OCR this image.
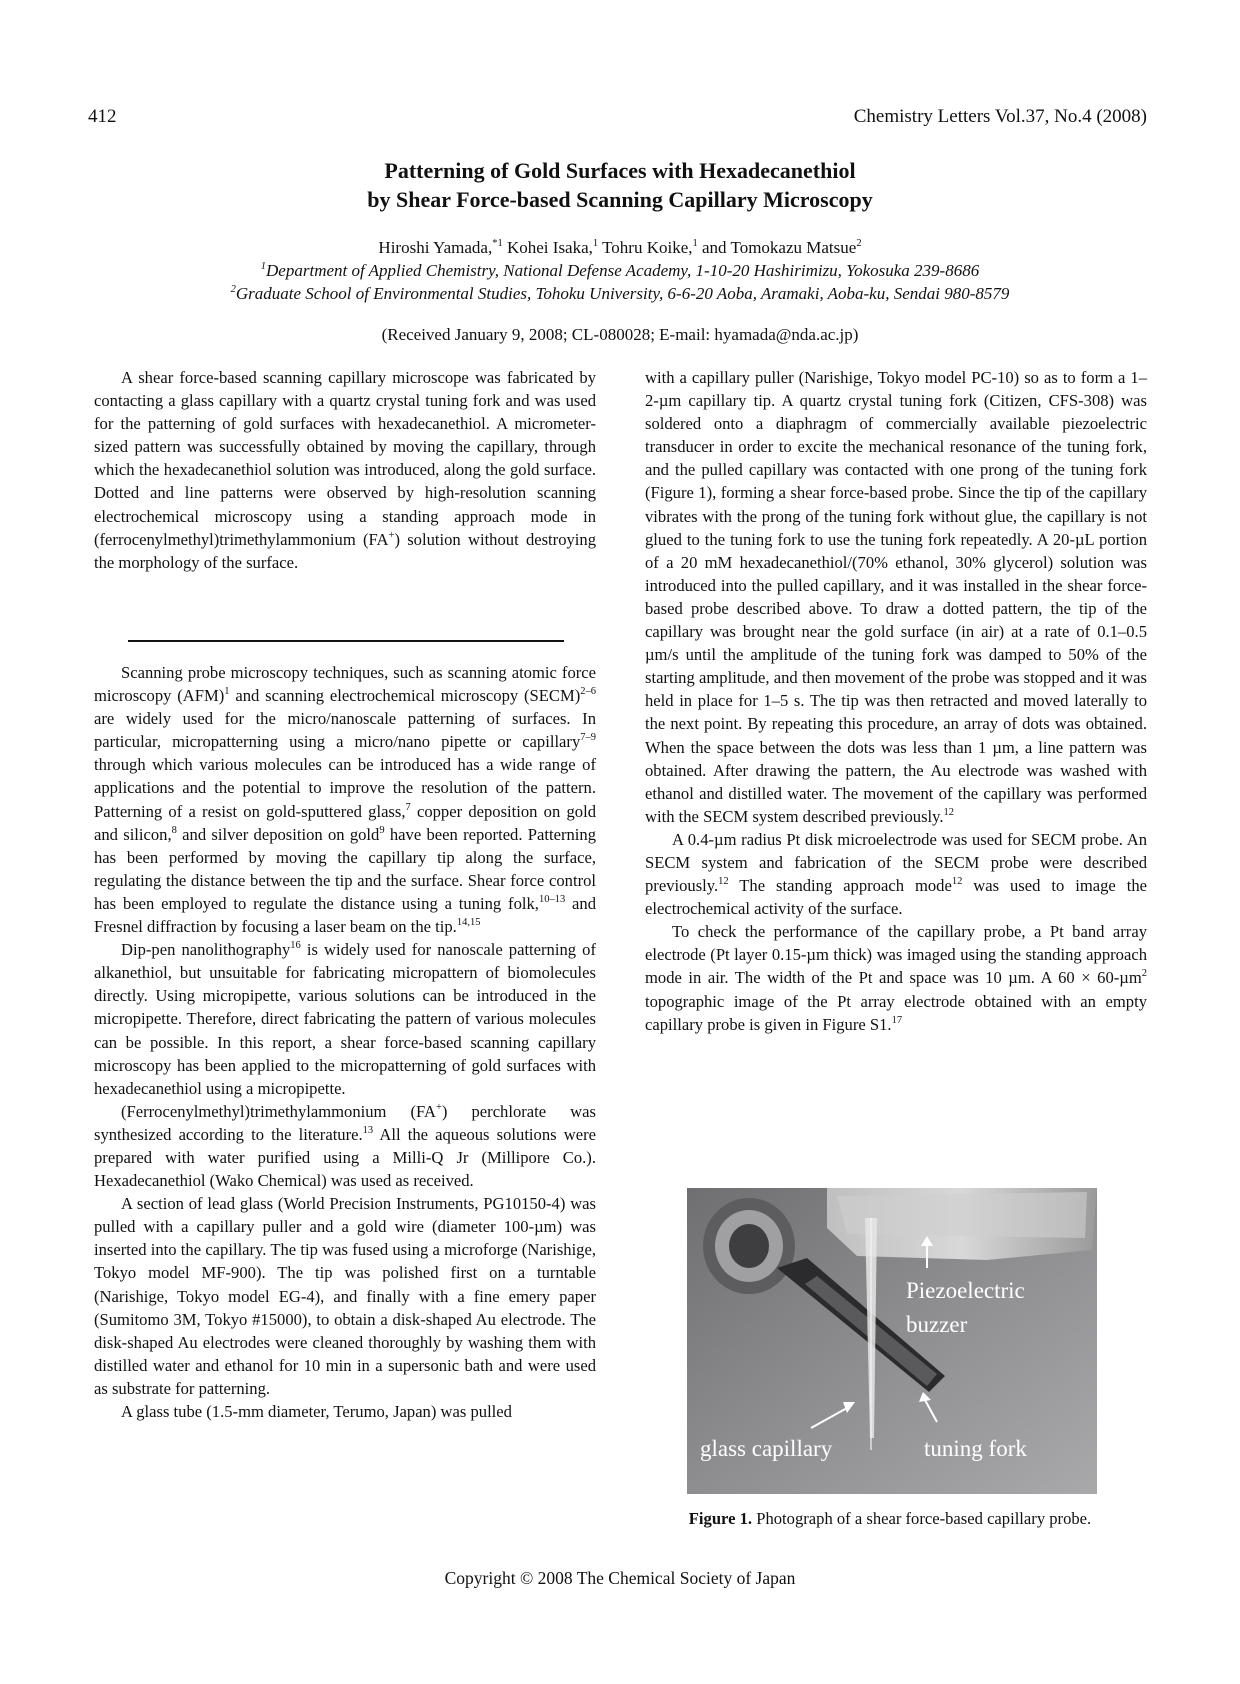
412	Chemistry Letters Vol.37, No.4 (2008)
Patterning of Gold Surfaces with Hexadecanethiol
by Shear Force-based Scanning Capillary Microscopy
Hiroshi Yamada,$^{*1}$ Kohei Isaka,$^1$ Tohru Koike,$^1$ and Tomokazu Matsue$^2$
$^1$Department of Applied Chemistry, National Defense Academy, 1-10-20 Hashirimizu, Yokosuka 239-8686
$^2$Graduate School of Environmental Studies, Tohoku University, 6-6-20 Aoba, Aramaki, Aoba-ku, Sendai 980-8579
(Received January 9, 2008; CL-080028; E-mail: hyamada@nda.ac.jp)

A shear force-based scanning capillary microscope was fabricated by contacting a glass capillary with a quartz crystal tuning fork and was used for the patterning of gold surfaces with hexadecanethiol. A micrometer-sized pattern was successfully obtained by moving the capillary, through which the hexadecanethiol solution was introduced, along the gold surface. Dotted and line patterns were observed by high-resolution scanning electrochemical microscopy using a standing approach mode in (ferrocenylmethyl)trimethylammonium (FA+) solution without destroying the morphology of the surface.

Scanning probe microscopy techniques, such as scanning atomic force microscopy (AFM)$^1$ and scanning electrochemical microscopy (SECM)$^{2-6}$ are widely used for the micro/nanoscale patterning of surfaces. In particular, micropatterning using a micro/nano pipette or capillary$^{7-9}$ through which various molecules can be introduced has a wide range of applications and the potential to improve the resolution of the pattern. Patterning of a resist on gold-sputtered glass,$^7$ copper deposition on gold and silicon,$^8$ and silver deposition on gold$^9$ have been reported. Patterning has been performed by moving the capillary tip along the surface, regulating the distance between the tip and the surface. Shear force control has been employed to regulate the distance using a tuning folk,$^{10-13}$ and Fresnel diffraction by focusing a laser beam on the tip.$^{14,15}$

Dip-pen nanolithography$^{16}$ is widely used for nanoscale patterning of alkanethiol, but unsuitable for fabricating micropattern of biomolecules directly. Using micropipette, various solutions can be introduced in the micropipette. Therefore, direct fabricating the pattern of various molecules can be possible. In this report, a shear force-based scanning capillary microscopy has been applied to the micropatterning of gold surfaces with hexadecanethiol using a micropipette.

(Ferrocenylmethyl)trimethylammonium (FA+) perchlorate was synthesized according to the literature.$^{13}$ All the aqueous solutions were prepared with water purified using a Milli-Q Jr (Millipore Co.). Hexadecanethiol (Wako Chemical) was used as received.

A section of lead glass (World Precision Instruments, PG10150-4) was pulled with a capillary puller and a gold wire (diameter 100-µm) was inserted into the capillary. The tip was fused using a microforge (Narishige, Tokyo model MF-900). The tip was polished first on a turntable (Narishige, Tokyo model EG-4), and finally with a fine emery paper (Sumitomo 3M, Tokyo #15000), to obtain a disk-shaped Au electrode. The disk-shaped Au electrodes were cleaned thoroughly by washing them with distilled water and ethanol for 10 min in a supersonic bath and were used as substrate for patterning.

A glass tube (1.5-mm diameter, Terumo, Japan) was pulled

with a capillary puller (Narishige, Tokyo model PC-10) so as to form a 1–2-µm capillary tip. A quartz crystal tuning fork (Citizen, CFS-308) was soldered onto a diaphragm of commercially available piezoelectric transducer in order to excite the mechanical resonance of the tuning fork, and the pulled capillary was contacted with one prong of the tuning fork (Figure 1), forming a shear force-based probe. Since the tip of the capillary vibrates with the prong of the tuning fork without glue, the capillary is not glued to the tuning fork to use the tuning fork repeatedly. A 20-µL portion of a 20 mM hexadecanethiol/(70% ethanol, 30% glycerol) solution was introduced into the pulled capillary, and it was installed in the shear force-based probe described above. To draw a dotted pattern, the tip of the capillary was brought near the gold surface (in air) at a rate of 0.1–0.5 µm/s until the amplitude of the tuning fork was damped to 50% of the starting amplitude, and then movement of the probe was stopped and it was held in place for 1–5 s. The tip was then retracted and moved laterally to the next point. By repeating this procedure, an array of dots was obtained. When the space between the dots was less than 1 µm, a line pattern was obtained. After drawing the pattern, the Au electrode was washed with ethanol and distilled water. The movement of the capillary was performed with the SECM system described previously.$^{12}$

A 0.4-µm radius Pt disk microelectrode was used for SECM probe. An SECM system and fabrication of the SECM probe were described previously.$^{12}$ The standing approach mode$^{12}$ was used to image the electrochemical activity of the surface.

To check the performance of the capillary probe, a Pt band array electrode (Pt layer 0.15-µm thick) was imaged using the standing approach mode in air. The width of the Pt and space was 10 µm. A 60 × 60-µm$^2$ topographic image of the Pt array electrode obtained with an empty capillary probe is given in Figure S1.17

Piezoelectric
buzzer
glass capillary	tuning fork
Figure 1. Photograph of a shear force-based capillary probe.
Copyright © 2008 The Chemical Society of Japan
